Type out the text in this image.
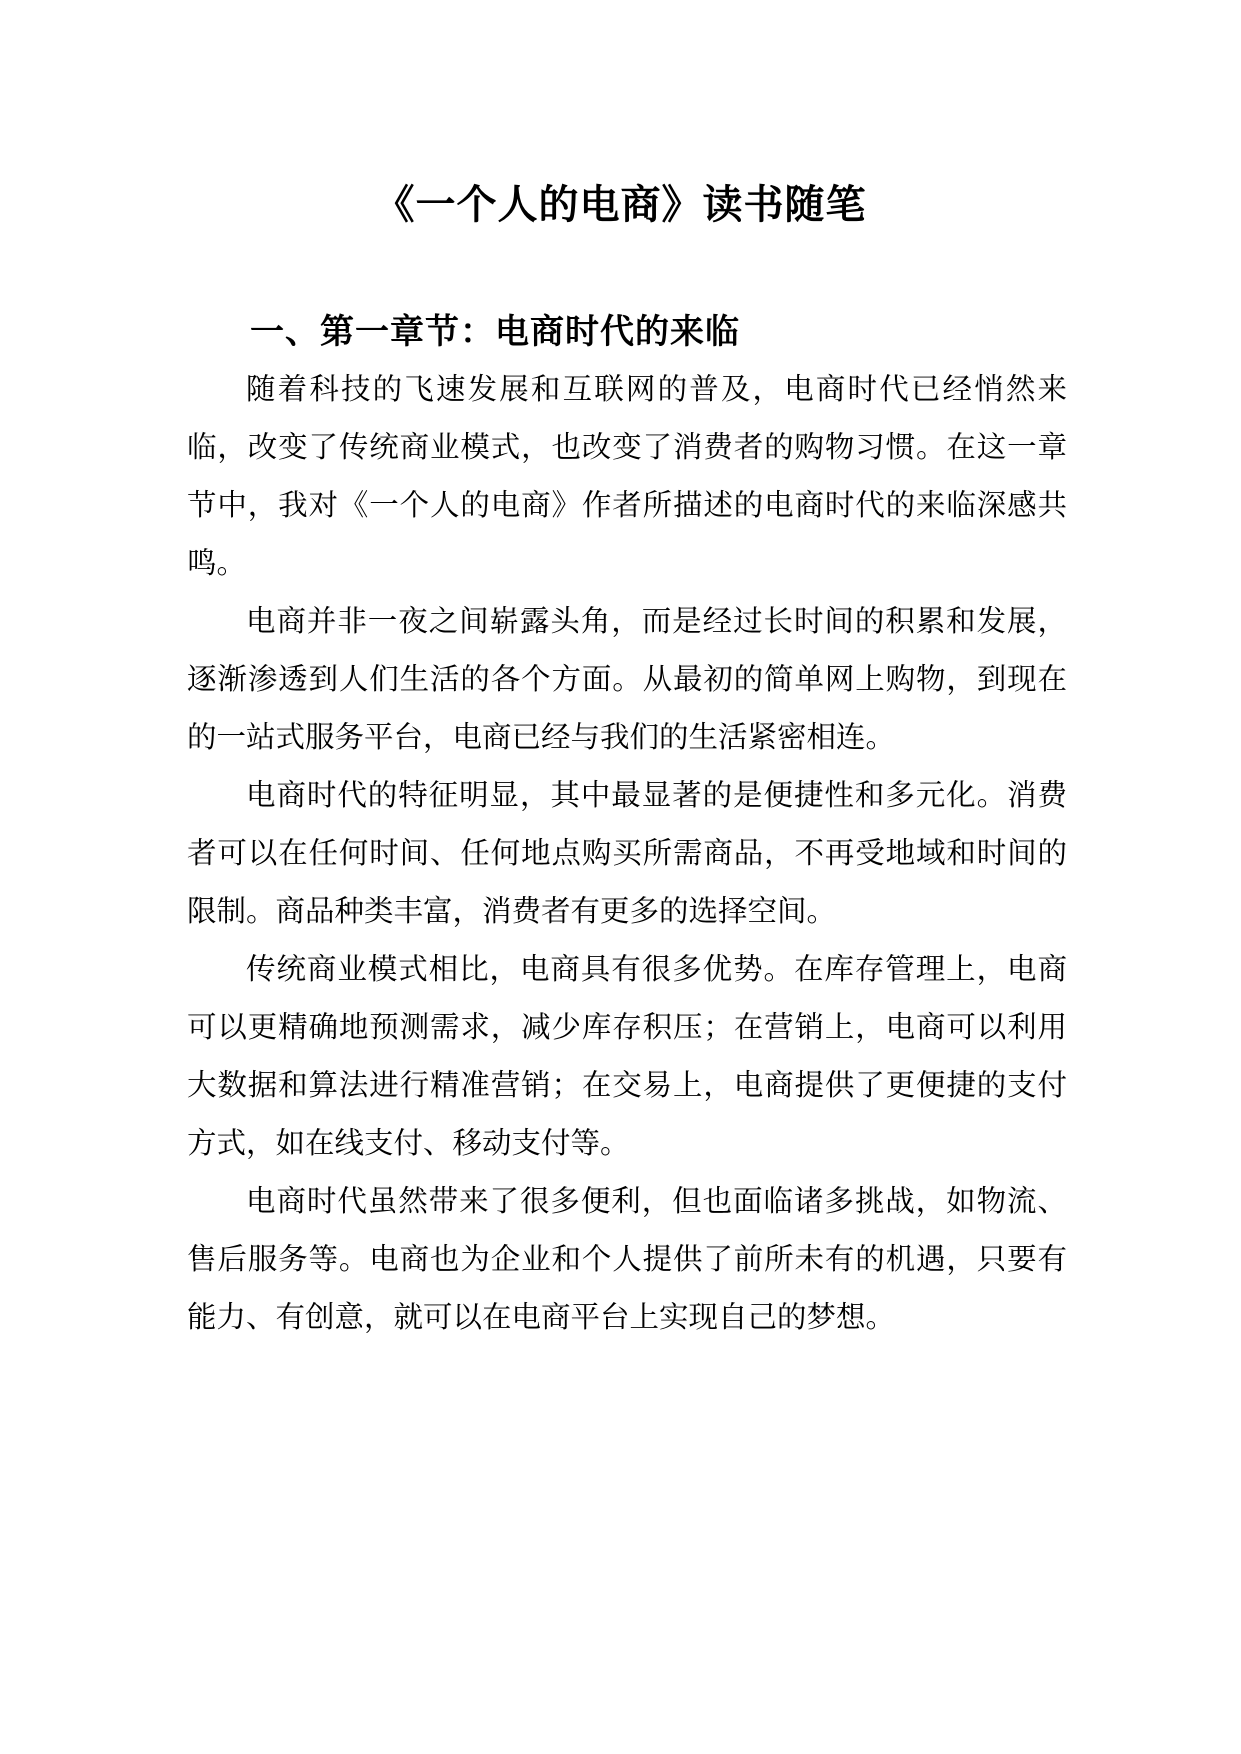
《一个人的电商》读书随笔
一、第一章节：电商时代的来临

随着科技的飞速发展和互联网的普及，电商时代已经悄然来临，改变了传统商业模式，也改变了消费者的购物习惯。在这一章节中，我对《一个人的电商》作者所描述的电商时代的来临深感共鸣。

电商并非一夜之间崭露头角，而是经过长时间的积累和发展，逐渐渗透到人们生活的各个方面。从最初的简单网上购物，到现在的一站式服务平台，电商已经与我们的生活紧密相连。

电商时代的特征明显，其中最显著的是便捷性和多元化。消费者可以在任何时间、任何地点购买所需商品，不再受地域和时间的限制。商品种类丰富，消费者有更多的选择空间。

传统商业模式相比，电商具有很多优势。在库存管理上，电商可以更精确地预测需求，减少库存积压；在营销上，电商可以利用大数据和算法进行精准营销；在交易上，电商提供了更便捷的支付方式，如在线支付、移动支付等。

电商时代虽然带来了很多便利，但也面临诸多挑战，如物流、售后服务等。电商也为企业和个人提供了前所未有的机遇，只要有能力、有创意，就可以在电商平台上实现自己的梦想。
